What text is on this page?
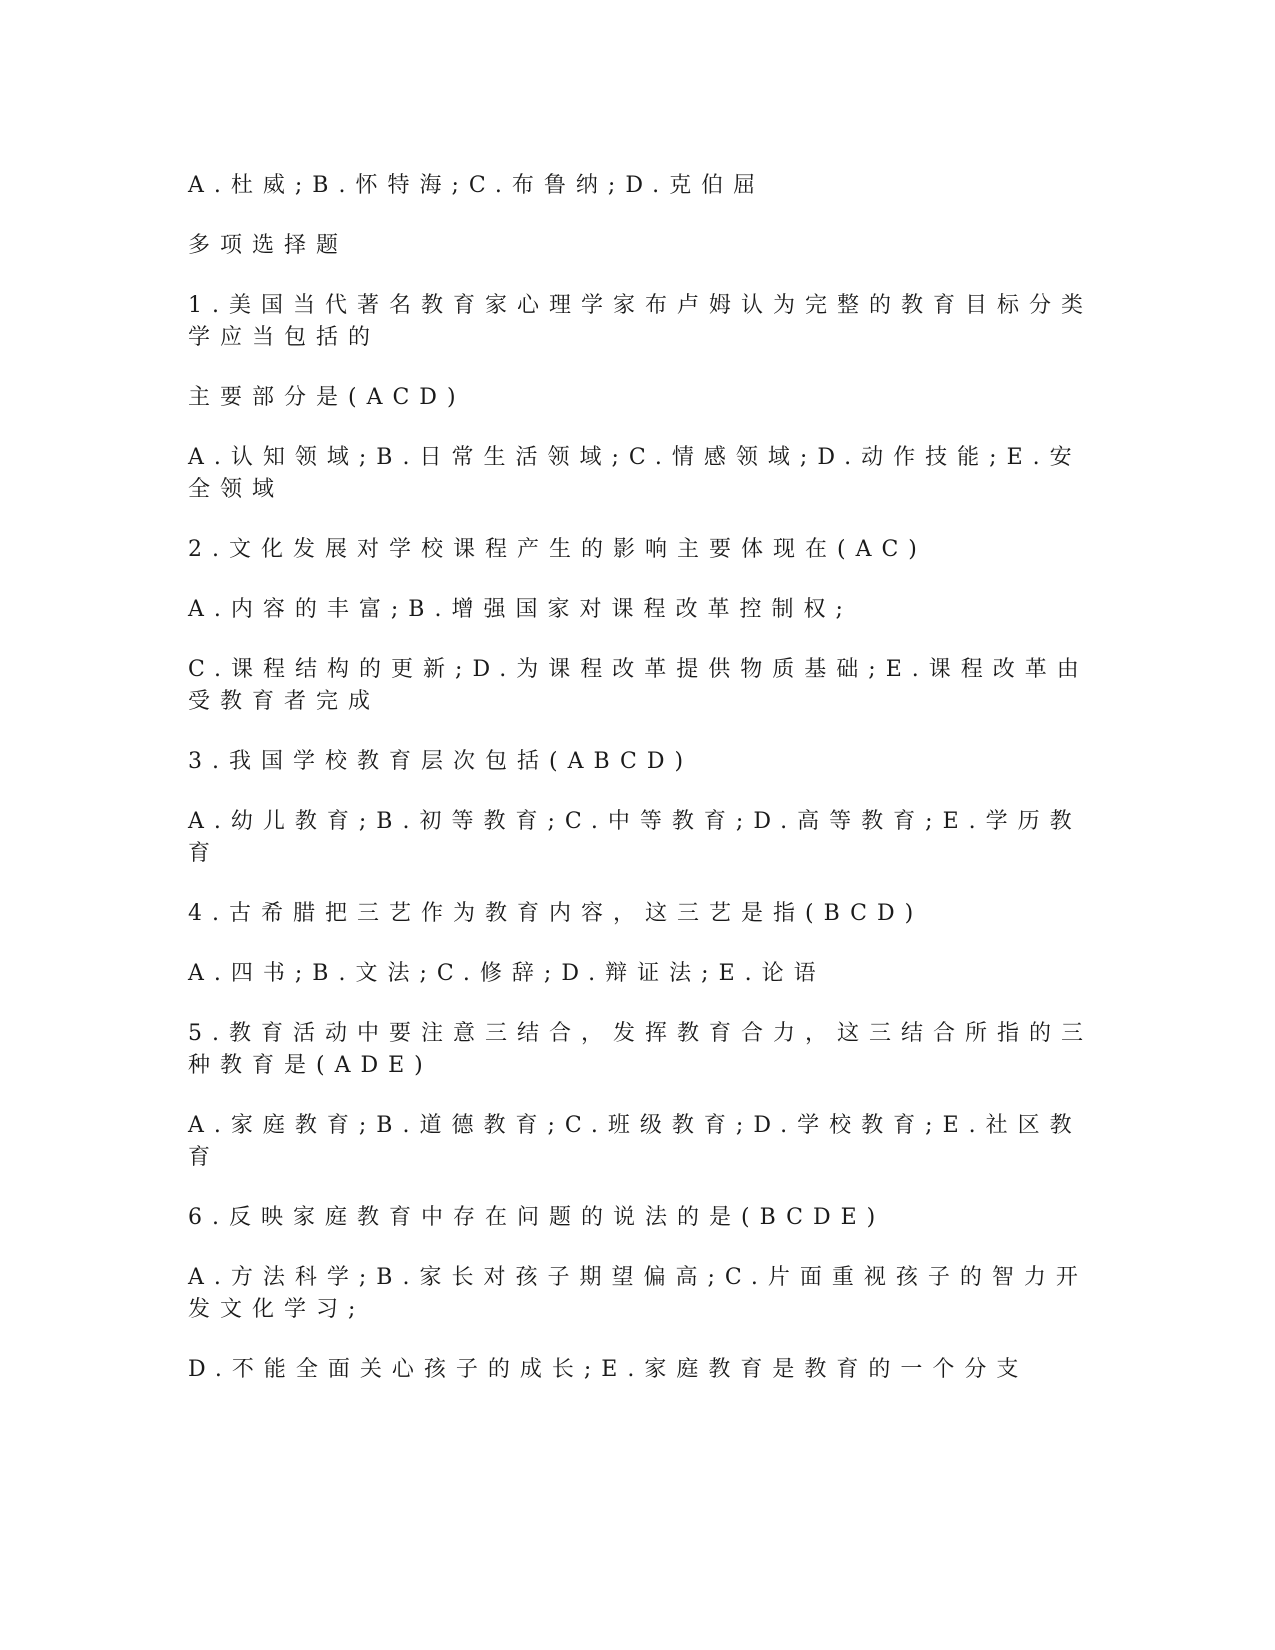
A.杜威;B.怀特海;C.布鲁纳;D.克伯屈

多项选择题

1.美国当代著名教育家心理学家布卢姆认为完整的教育目标分类学应当包括的

主要部分是(ACD)

A.认知领域;B.日常生活领域;C.情感领域;D.动作技能;E.安全领域

2.文化发展对学校课程产生的影响主要体现在(AC)

A.内容的丰富;B.增强国家对课程改革控制权;

C.课程结构的更新;D.为课程改革提供物质基础;E.课程改革由受教育者完成

3.我国学校教育层次包括(ABCD)

A.幼儿教育;B.初等教育;C.中等教育;D.高等教育;E.学历教育

4.古希腊把三艺作为教育内容，这三艺是指(BCD)

A.四书;B.文法;C.修辞;D.辩证法;E.论语

5.教育活动中要注意三结合，发挥教育合力，这三结合所指的三种教育是(ADE)

A.家庭教育;B.道德教育;C.班级教育;D.学校教育;E.社区教育

6.反映家庭教育中存在问题的说法的是(BCDE)

A.方法科学;B.家长对孩子期望偏高;C.片面重视孩子的智力开发文化学习;

D.不能全面关心孩子的成长;E.家庭教育是教育的一个分支
